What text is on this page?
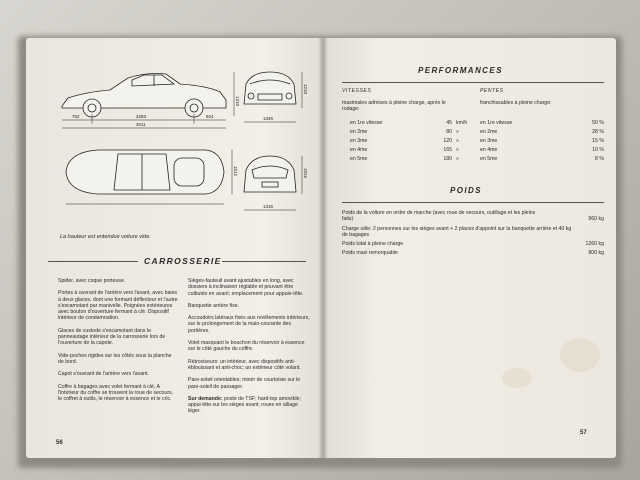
752	2283	924
3011
1210
1346
1210
1512
1316
1016
La hauteur est entendue voiture vide.
CARROSSERIE

Spider, avec coque porteuse.

Portes à ouvrant de l'arrière vers l'avant, avec baies à deux glaces, dont une formant déflecteur et l'autre s'escamotant par manivelle. Poignées extérieures avec bouton d'ouverture fermant à clé. Dispositif intérieur de condamnation.

Glaces de custode s'escamotant dans le panneautage intérieur de la carrosserie lors de l'ouverture de la capote.

Vide-poches rigides sur les côtés sous la planche de bord.

Capot s'ouvrant de l'arrière vers l'avant.

Coffre à bagages avec volet fermant à clé. A l'intérieur du coffre se trouvent la roue de secours, le coffret à outils, le réservoir à essence et le cric.

Sièges-fauteuil avant ajustables en long, avec dossiers à inclinaison réglable et pouvant être culbutés en avant; emplacement pour appuie-tête.

Banquette arrière fixe.

Accoudoirs latéraux fixés aux revêtements intérieurs, sur le prolongement de la main-courante des portières.

Volet masquant le bouchon du réservoir à essence sur le côté gauche du coffre.

Rétroviseurs: un intérieur, avec dispositifs anti-éblouissant et anti-choc; un extérieur côté volant.

Pare-soleil orientables; miroir de courtoisie sur le pare-soleil de passager.

Sur demande: poste de TSF; hard-top amovible; appui-tête sur les sièges avant; roues en alliage léger.

56
PERFORMANCES
VITESSES	PENTES
maximales admises à pleine charge, après le rodage:
franchissables à pleine charge:
en 1re vitesse	45 km/h
en 2me	80 »
en 3me	120 »
en 4me	165 »
en 5me	180 »
en 1re vitesse	50 %
en 2me	28 %
en 3me	15 %
en 4me	10 %
en 5me	8 %
POIDS
Poids de la voiture en ordre de marche (avec roue de secours, outillage et les pleins faits)	960 kg
Charge utile: 2 personnes sur les sièges avant + 2 places d'appoint sur la banquette arrière et 40 kg de bagages
Poids total à pleine charge	1260 kg
Poids maxi remorquable	800 kg
57
